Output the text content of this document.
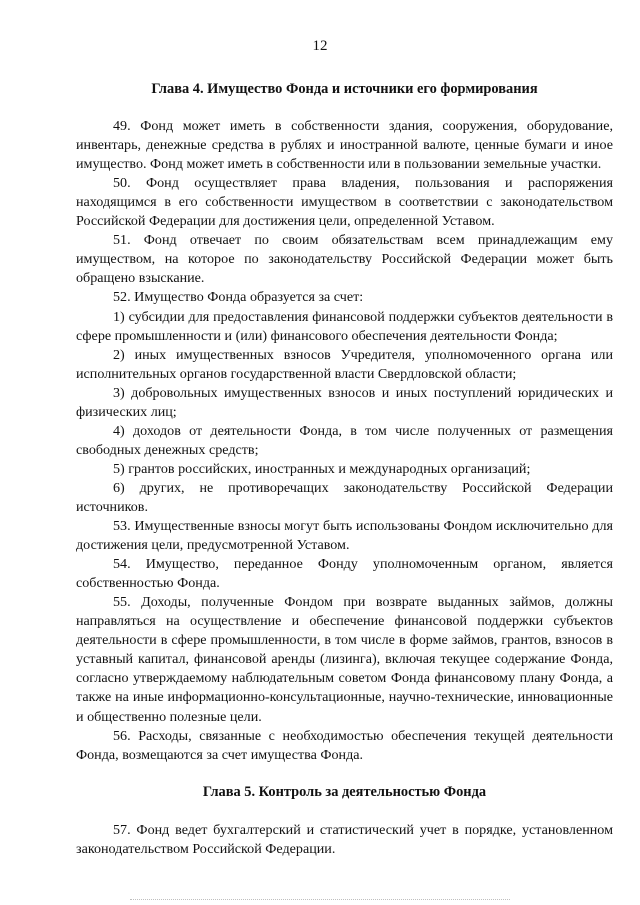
12
Глава 4. Имущество Фонда и источники его формирования

49. Фонд может иметь в собственности здания, сооружения, оборудование, инвентарь, денежные средства в рублях и иностранной валюте, ценные бумаги и иное имущество. Фонд может иметь в собственности или в пользовании земельные участки.

50. Фонд осуществляет права владения, пользования и распоряжения находящимся в его собственности имуществом в соответствии с законодательством Российской Федерации для достижения цели, определенной Уставом.

51. Фонд отвечает по своим обязательствам всем принадлежащим ему имуществом, на которое по законодательству Российской Федерации может быть обращено взыскание.

52. Имущество Фонда образуется за счет:

1) субсидии для предоставления финансовой поддержки субъектов деятельности в сфере промышленности и (или) финансового обеспечения деятельности Фонда;

2) иных имущественных взносов Учредителя, уполномоченного органа или исполнительных органов государственной власти Свердловской области;

3) добровольных имущественных взносов и иных поступлений юридических и физических лиц;

4) доходов от деятельности Фонда, в том числе полученных от размещения свободных денежных средств;

5) грантов российских, иностранных и международных организаций;

6) других, не противоречащих законодательству Российской Федерации источников.

53. Имущественные взносы могут быть использованы Фондом исключительно для достижения цели, предусмотренной Уставом.

54. Имущество, переданное Фонду уполномоченным органом, является собственностью Фонда.

55. Доходы, полученные Фондом при возврате выданных займов, должны направляться на осуществление и обеспечение финансовой поддержки субъектов деятельности в сфере промышленности, в том числе в форме займов, грантов, взносов в уставный капитал, финансовой аренды (лизинга), включая текущее содержание Фонда, согласно утверждаемому наблюдательным советом Фонда финансовому плану Фонда, а также на иные информационно-консультационные, научно-технические, инновационные и общественно полезные цели.

56. Расходы, связанные с необходимостью обеспечения текущей деятельности Фонда, возмещаются за счет имущества Фонда.

Глава 5. Контроль за деятельностью Фонда

57. Фонд ведет бухгалтерский и статистический учет в порядке, установленном законодательством Российской Федерации.
